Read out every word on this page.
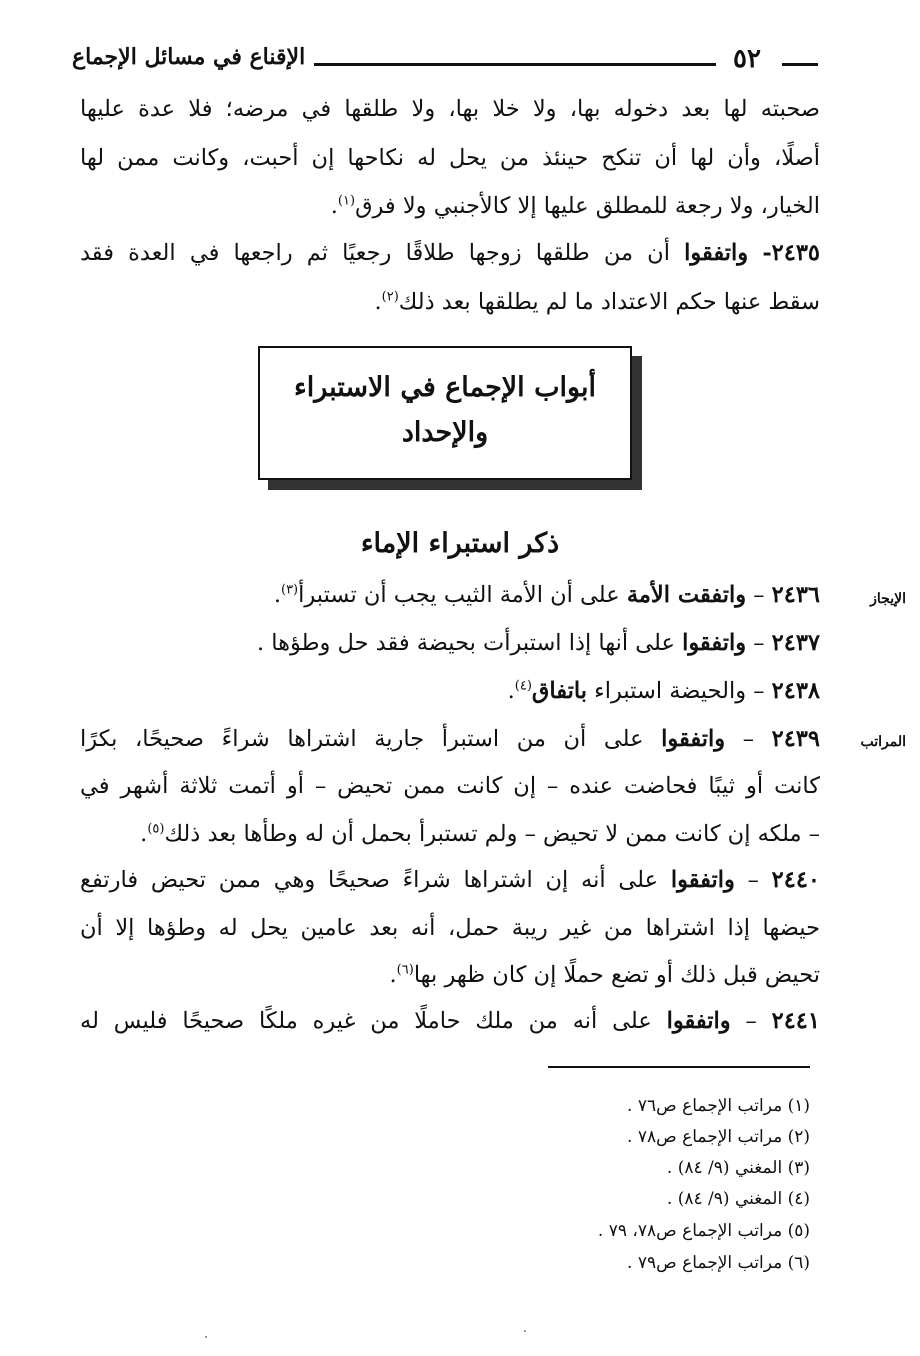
٥٢
الإقناع في مسائل الإجماع
صحبته لها بعد دخوله بها، ولا خلا بها، ولا طلقها في مرضه؛ فلا عدة عليها
أصلًا، وأن لها أن تنكح حينئذ من يحل له نكاحها إن أحبت، وكانت ممن لها
الخيار، ولا رجعة للمطلق عليها إلا كالأجنبي ولا فرق$^{(١)}$.
٢٤٣٥- واتفقوا أن من طلقها زوجها طلاقًا رجعيًا ثم راجعها في العدة فقد
سقط عنها حكم الاعتداد ما لم يطلقها بعد ذلك$^{(٢)}$.
أبواب الإجماع في الاستبراء
والإحداد
ذكر استبراء الإماء
الإيجاز
المراتب
٢٤٣٦ – واتفقت الأمة على أن الأمة الثيب يجب أن تستبرأ$^{(٣)}$.
٢٤٣٧ – واتفقوا على أنها إذا استبرأت بحيضة فقد حل وطؤها .
٢٤٣٨ – والحيضة استبراء باتفاق$^{(٤)}$.
٢٤٣٩ – واتفقوا على أن من استبرأ جارية اشتراها شراءً صحيحًا، بكرًا
كانت أو ثيبًا فحاضت عنده – إن كانت ممن تحيض – أو أتمت ثلاثة أشهر في
– ملكه إن كانت ممن لا تحيض – ولم تستبرأ بحمل أن له وطأها بعد ذلك$^{(٥)}$.
٢٤٤٠ – واتفقوا على أنه إن اشتراها شراءً صحيحًا وهي ممن تحيض فارتفع
حيضها إذا اشتراها من غير ريبة حمل، أنه بعد عامين يحل له وطؤها إلا أن
تحيض قبل ذلك أو تضع حملًا إن كان ظهر بها$^{(٦)}$.
٢٤٤١ – واتفقوا على أنه من ملك حاملًا من غيره ملكًا صحيحًا فليس له
(١) مراتب الإجماع ص٧٦ .
(٢) مراتب الإجماع ص٧٨ .
(٣) المغني (٩/ ٨٤) .
(٤) المغني (٩/ ٨٤) .
(٥) مراتب الإجماع ص٧٨، ٧٩ .
(٦) مراتب الإجماع ص٧٩ .
